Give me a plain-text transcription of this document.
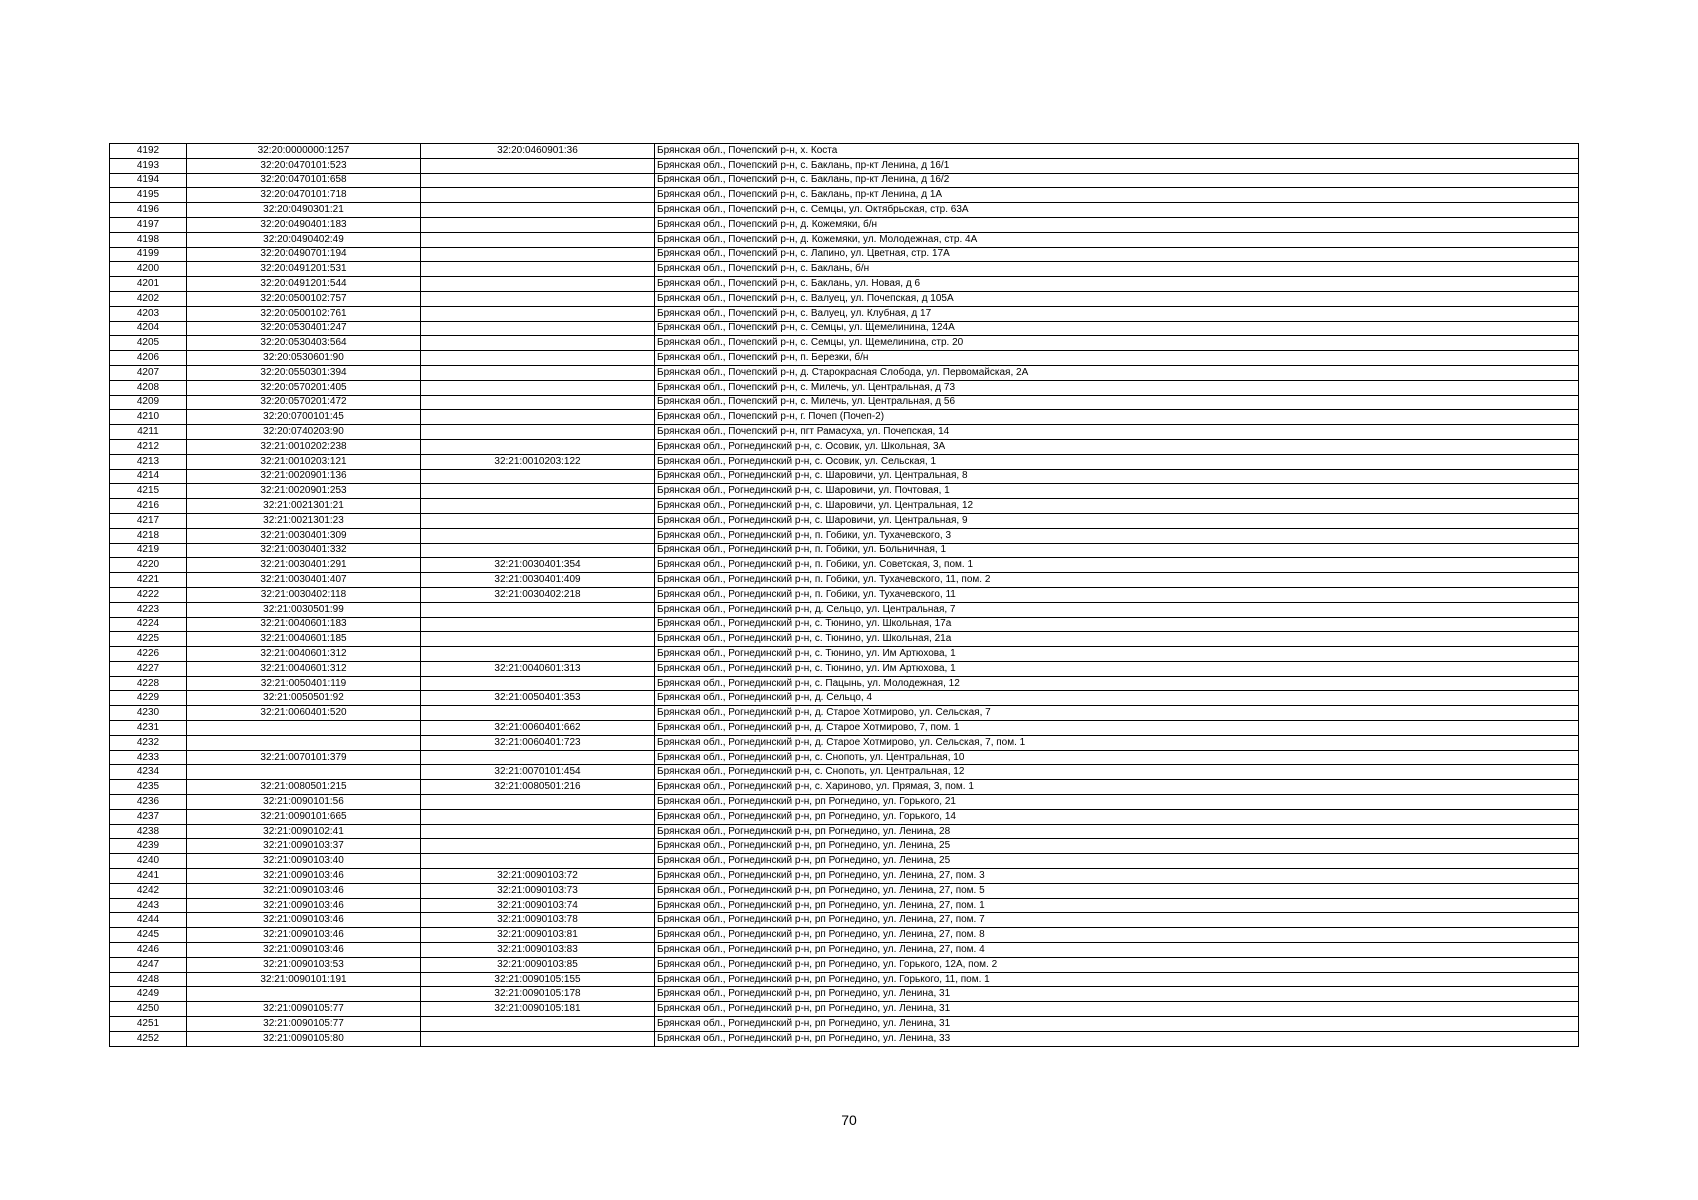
4192	32:20:0000000:1257	32:20:0460901:36	Брянская обл., Почепский р-н, х. Коста
4193	32:20:0470101:523		Брянская обл., Почепский р-н, с. Баклань, пр-кт Ленина, д 16/1
4194	32:20:0470101:658		Брянская обл., Почепский р-н, с. Баклань, пр-кт Ленина, д 16/2
4195	32:20:0470101:718		Брянская обл., Почепский р-н, с. Баклань, пр-кт Ленина, д 1А
4196	32:20:0490301:21		Брянская обл., Почепский р-н, с. Семцы, ул. Октябрьская, стр. 63А
4197	32:20:0490401:183		Брянская обл., Почепский р-н, д. Кожемяки, б/н
4198	32:20:0490402:49		Брянская обл., Почепский р-н, д. Кожемяки, ул. Молодежная, стр. 4А
4199	32:20:0490701:194		Брянская обл., Почепский р-н, с. Лапино, ул. Цветная, стр. 17А
4200	32:20:0491201:531		Брянская обл., Почепский р-н, с. Баклань, б/н
4201	32:20:0491201:544		Брянская обл., Почепский р-н, с. Баклань, ул. Новая, д 6
4202	32:20:0500102:757		Брянская обл., Почепский р-н, с. Валуец, ул. Почепская, д 105А
4203	32:20:0500102:761		Брянская обл., Почепский р-н, с. Валуец, ул. Клубная, д 17
4204	32:20:0530401:247		Брянская обл., Почепский р-н, с. Семцы, ул. Щемелинина, 124А
4205	32:20:0530403:564		Брянская обл., Почепский р-н, с. Семцы, ул. Щемелинина, стр. 20
4206	32:20:0530601:90		Брянская обл., Почепский р-н, п. Березки, б/н
4207	32:20:0550301:394		Брянская обл., Почепский р-н, д. Старокрасная Слобода, ул. Первомайская, 2А
4208	32:20:0570201:405		Брянская обл., Почепский р-н, с. Милечь, ул. Центральная, д 73
4209	32:20:0570201:472		Брянская обл., Почепский р-н, с. Милечь, ул. Центральная, д 56
4210	32:20:0700101:45		Брянская обл., Почепский р-н, г. Почеп (Почеп-2)
4211	32:20:0740203:90		Брянская обл., Почепский р-н, пгт Рамасуха, ул. Почепская, 14
4212	32:21:0010202:238		Брянская обл., Рогнединский р-н, с. Осовик, ул. Школьная, 3А
4213	32:21:0010203:121	32:21:0010203:122	Брянская обл., Рогнединский р-н, с. Осовик, ул. Сельская, 1
4214	32:21:0020901:136		Брянская обл., Рогнединский р-н, с. Шаровичи, ул. Центральная, 8
4215	32:21:0020901:253		Брянская обл., Рогнединский р-н, с. Шаровичи, ул. Почтовая, 1
4216	32:21:0021301:21		Брянская обл., Рогнединский р-н, с. Шаровичи, ул. Центральная, 12
4217	32:21:0021301:23		Брянская обл., Рогнединский р-н, с. Шаровичи, ул. Центральная, 9
4218	32:21:0030401:309		Брянская обл., Рогнединский р-н, п. Гобики, ул. Тухачевского, 3
4219	32:21:0030401:332		Брянская обл., Рогнединский р-н, п. Гобики, ул. Больничная, 1
4220	32:21:0030401:291	32:21:0030401:354	Брянская обл., Рогнединский р-н, п. Гобики, ул. Советская, 3, пом. 1
4221	32:21:0030401:407	32:21:0030401:409	Брянская обл., Рогнединский р-н, п. Гобики, ул. Тухачевского, 11, пом. 2
4222	32:21:0030402:118	32:21:0030402:218	Брянская обл., Рогнединский р-н, п. Гобики, ул. Тухачевского, 11
4223	32:21:0030501:99		Брянская обл., Рогнединский р-н, д. Сельцо, ул. Центральная, 7
4224	32:21:0040601:183		Брянская обл., Рогнединский р-н, с. Тюнино, ул. Школьная, 17а
4225	32:21:0040601:185		Брянская обл., Рогнединский р-н, с. Тюнино, ул. Школьная, 21а
4226	32:21:0040601:312		Брянская обл., Рогнединский р-н, с. Тюнино, ул. Им Артюхова, 1
4227	32:21:0040601:312	32:21:0040601:313	Брянская обл., Рогнединский р-н, с. Тюнино, ул. Им Артюхова, 1
4228	32:21:0050401:119		Брянская обл., Рогнединский р-н, с. Пацынь, ул. Молодежная, 12
4229	32:21:0050501:92	32:21:0050401:353	Брянская обл., Рогнединский р-н, д. Сельцо, 4
4230	32:21:0060401:520		Брянская обл., Рогнединский р-н, д. Старое Хотмирово, ул. Сельская, 7
4231		32:21:0060401:662	Брянская обл., Рогнединский р-н, д. Старое Хотмирово, 7, пом. 1
4232		32:21:0060401:723	Брянская обл., Рогнединский р-н, д. Старое Хотмирово, ул. Сельская, 7, пом. 1
4233	32:21:0070101:379		Брянская обл., Рогнединский р-н, с. Снопоть, ул. Центральная, 10
4234		32:21:0070101:454	Брянская обл., Рогнединский р-н, с. Снопоть, ул. Центральная, 12
4235	32:21:0080501:215	32:21:0080501:216	Брянская обл., Рогнединский р-н, с. Хариново, ул. Прямая, 3, пом. 1
4236	32:21:0090101:56		Брянская обл., Рогнединский р-н, рп Рогнедино, ул. Горького, 21
4237	32:21:0090101:665		Брянская обл., Рогнединский р-н, рп Рогнедино, ул. Горького, 14
4238	32:21:0090102:41		Брянская обл., Рогнединский р-н, рп Рогнедино, ул. Ленина, 28
4239	32:21:0090103:37		Брянская обл., Рогнединский р-н, рп Рогнедино, ул. Ленина, 25
4240	32:21:0090103:40		Брянская обл., Рогнединский р-н, рп Рогнедино, ул. Ленина, 25
4241	32:21:0090103:46	32:21:0090103:72	Брянская обл., Рогнединский р-н, рп Рогнедино, ул. Ленина, 27, пом. 3
4242	32:21:0090103:46	32:21:0090103:73	Брянская обл., Рогнединский р-н, рп Рогнедино, ул. Ленина, 27, пом. 5
4243	32:21:0090103:46	32:21:0090103:74	Брянская обл., Рогнединский р-н, рп Рогнедино, ул. Ленина, 27, пом. 1
4244	32:21:0090103:46	32:21:0090103:78	Брянская обл., Рогнединский р-н, рп Рогнедино, ул. Ленина, 27, пом. 7
4245	32:21:0090103:46	32:21:0090103:81	Брянская обл., Рогнединский р-н, рп Рогнедино, ул. Ленина, 27, пом. 8
4246	32:21:0090103:46	32:21:0090103:83	Брянская обл., Рогнединский р-н, рп Рогнедино, ул. Ленина, 27, пом. 4
4247	32:21:0090103:53	32:21:0090103:85	Брянская обл., Рогнединский р-н, рп Рогнедино, ул. Горького, 12А, пом. 2
4248	32:21:0090101:191	32:21:0090105:155	Брянская обл., Рогнединский р-н, рп Рогнедино, ул. Горького, 11, пом. 1
4249		32:21:0090105:178	Брянская обл., Рогнединский р-н, рп Рогнедино, ул. Ленина, 31
4250	32:21:0090105:77	32:21:0090105:181	Брянская обл., Рогнединский р-н, рп Рогнедино, ул. Ленина, 31
4251	32:21:0090105:77		Брянская обл., Рогнединский р-н, рп Рогнедино, ул. Ленина, 31
4252	32:21:0090105:80		Брянская обл., Рогнединский р-н, рп Рогнедино, ул. Ленина, 33
70
